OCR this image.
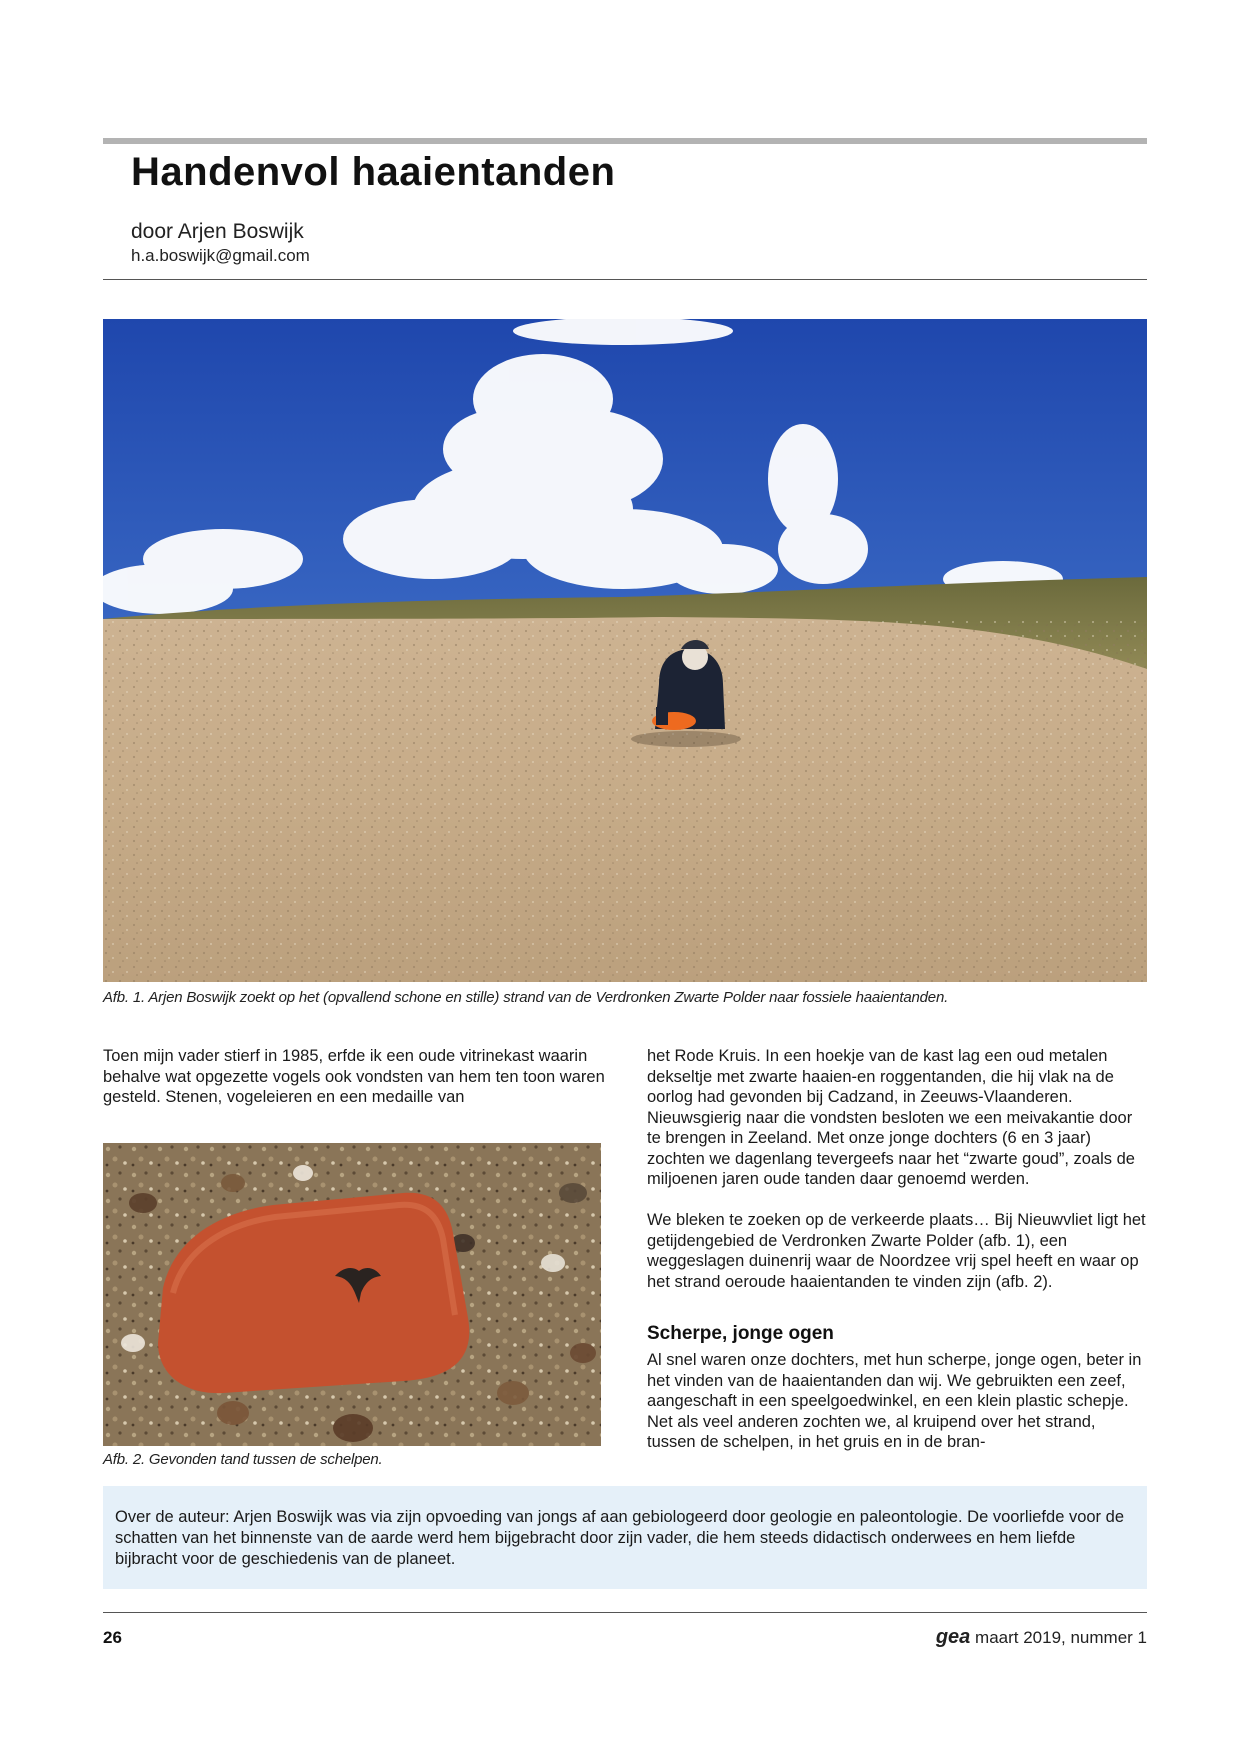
Handenvol haaientanden
door Arjen Boswijk
h.a.boswijk@gmail.com
Afb. 1. Arjen Boswijk zoekt op het (opvallend schone en stille) strand van de Verdronken Zwarte Polder naar fossiele haaientanden.

Toen mijn vader stierf in 1985, erfde ik een oude vitrinekast waarin behalve wat opgezette vogels ook vondsten van hem ten toon waren gesteld. Stenen, vogeleieren en een medaille van

Afb. 2. Gevonden tand tussen de schelpen.

het Rode Kruis. In een hoekje van de kast lag een oud metalen dekseltje met zwarte haaien-en roggentanden, die hij vlak na de oorlog had gevonden bij Cadzand, in Zeeuws-Vlaanderen. Nieuwsgierig naar die vondsten besloten we een meivakantie door te brengen in Zeeland. Met onze jonge dochters (6 en 3 jaar) zochten we dagenlang tevergeefs naar het “zwarte goud”, zoals de miljoenen jaren oude tanden daar genoemd werden.

We bleken te zoeken op de verkeerde plaats… Bij Nieuwvliet ligt het getijdengebied de Verdronken Zwarte Polder (afb. 1), een weggeslagen duinenrij waar de Noordzee vrij spel heeft en waar op het strand oeroude haaientanden te vinden zijn (afb. 2).

Scherpe, jonge ogen

Al snel waren onze dochters, met hun scherpe, jonge ogen, beter in het vinden van de haaientanden dan wij. We gebruikten een zeef, aangeschaft in een speelgoedwinkel, en een klein plastic schepje. Net als veel anderen zochten we, al kruipend over het strand, tussen de schelpen, in het gruis en in de bran-

Over de auteur: Arjen Boswijk was via zijn opvoeding van jongs af aan gebiologeerd door geologie en paleontologie. De voorliefde voor de schatten van het binnenste van de aarde werd hem bijgebracht door zijn vader, die hem steeds didactisch onderwees en hem liefde bijbracht voor de geschiedenis van de planeet.

26	gea maart 2019, nummer 1
